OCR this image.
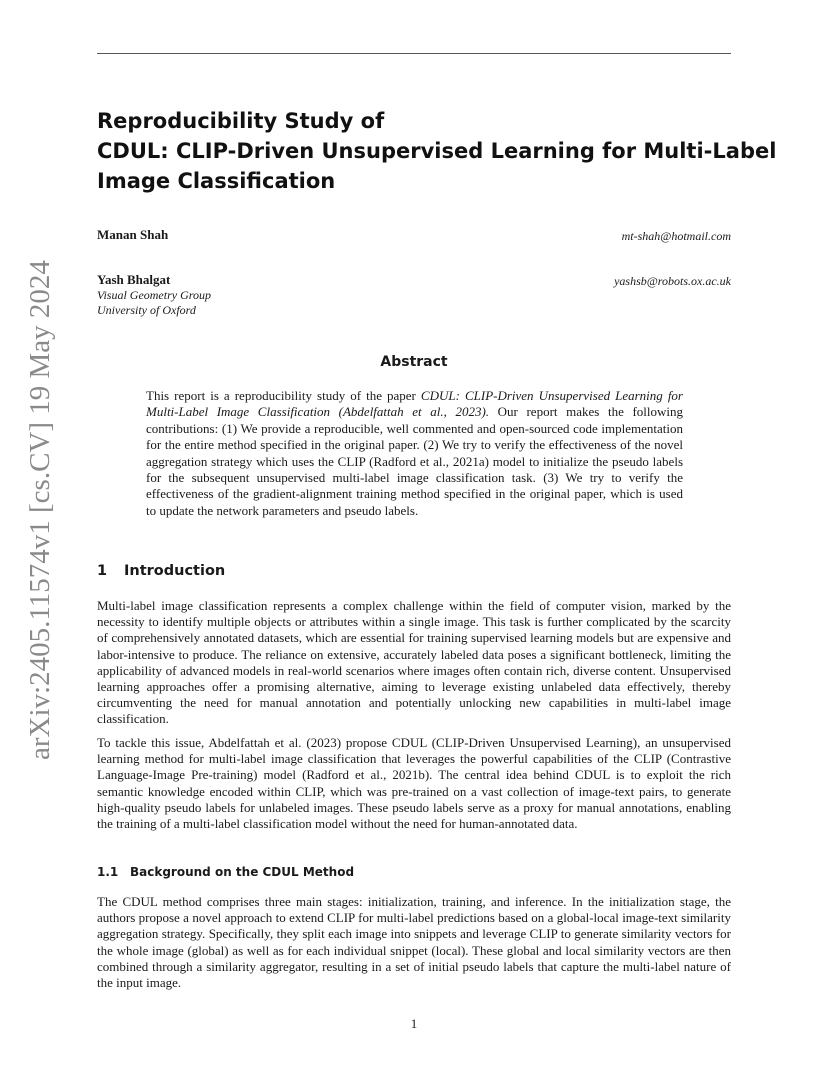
arXiv:2405.11574v1 [cs.CV] 19 May 2024
Reproducibility Study of
CDUL: CLIP-Driven Unsupervised Learning for Multi-Label
Image Classification
Manan Shah	mt-shah@hotmail.com
Yash Bhalgat
Visual Geometry Group
University of Oxford
yashsb@robots.ox.ac.uk
Abstract
This report is a reproducibility study of the paper CDUL: CLIP-Driven Unsupervised Learning for Multi-Label Image Classification (Abdelfattah et al., 2023). Our report makes the following contributions: (1) We provide a reproducible, well commented and open-sourced code implementation for the entire method specified in the original paper. (2) We try to verify the effectiveness of the novel aggregation strategy which uses the CLIP (Radford et al., 2021a) model to initialize the pseudo labels for the subsequent unsupervised multi-label image classification task. (3) We try to verify the effectiveness of the gradient-alignment training method specified in the original paper, which is used to update the network parameters and pseudo labels.
1 Introduction

Multi-label image classification represents a complex challenge within the field of computer vision, marked by the necessity to identify multiple objects or attributes within a single image. This task is further complicated by the scarcity of comprehensively annotated datasets, which are essential for training supervised learning models but are expensive and labor-intensive to produce. The reliance on extensive, accurately labeled data poses a significant bottleneck, limiting the applicability of advanced models in real-world scenarios where images often contain rich, diverse content. Unsupervised learning approaches offer a promising alternative, aiming to leverage existing unlabeled data effectively, thereby circumventing the need for manual annotation and potentially unlocking new capabilities in multi-label image classification.

To tackle this issue, Abdelfattah et al. (2023) propose CDUL (CLIP-Driven Unsupervised Learning), an unsupervised learning method for multi-label image classification that leverages the powerful capabilities of the CLIP (Contrastive Language-Image Pre-training) model (Radford et al., 2021b). The central idea behind CDUL is to exploit the rich semantic knowledge encoded within CLIP, which was pre-trained on a vast collection of image-text pairs, to generate high-quality pseudo labels for unlabeled images. These pseudo labels serve as a proxy for manual annotations, enabling the training of a multi-label classification model without the need for human-annotated data.

1.1 Background on the CDUL Method

The CDUL method comprises three main stages: initialization, training, and inference. In the initialization stage, the authors propose a novel approach to extend CLIP for multi-label predictions based on a global-local image-text similarity aggregation strategy. Specifically, they split each image into snippets and leverage CLIP to generate similarity vectors for the whole image (global) as well as for each individual snippet (local). These global and local similarity vectors are then combined through a similarity aggregator, resulting in a set of initial pseudo labels that capture the multi-label nature of the input image.

1
